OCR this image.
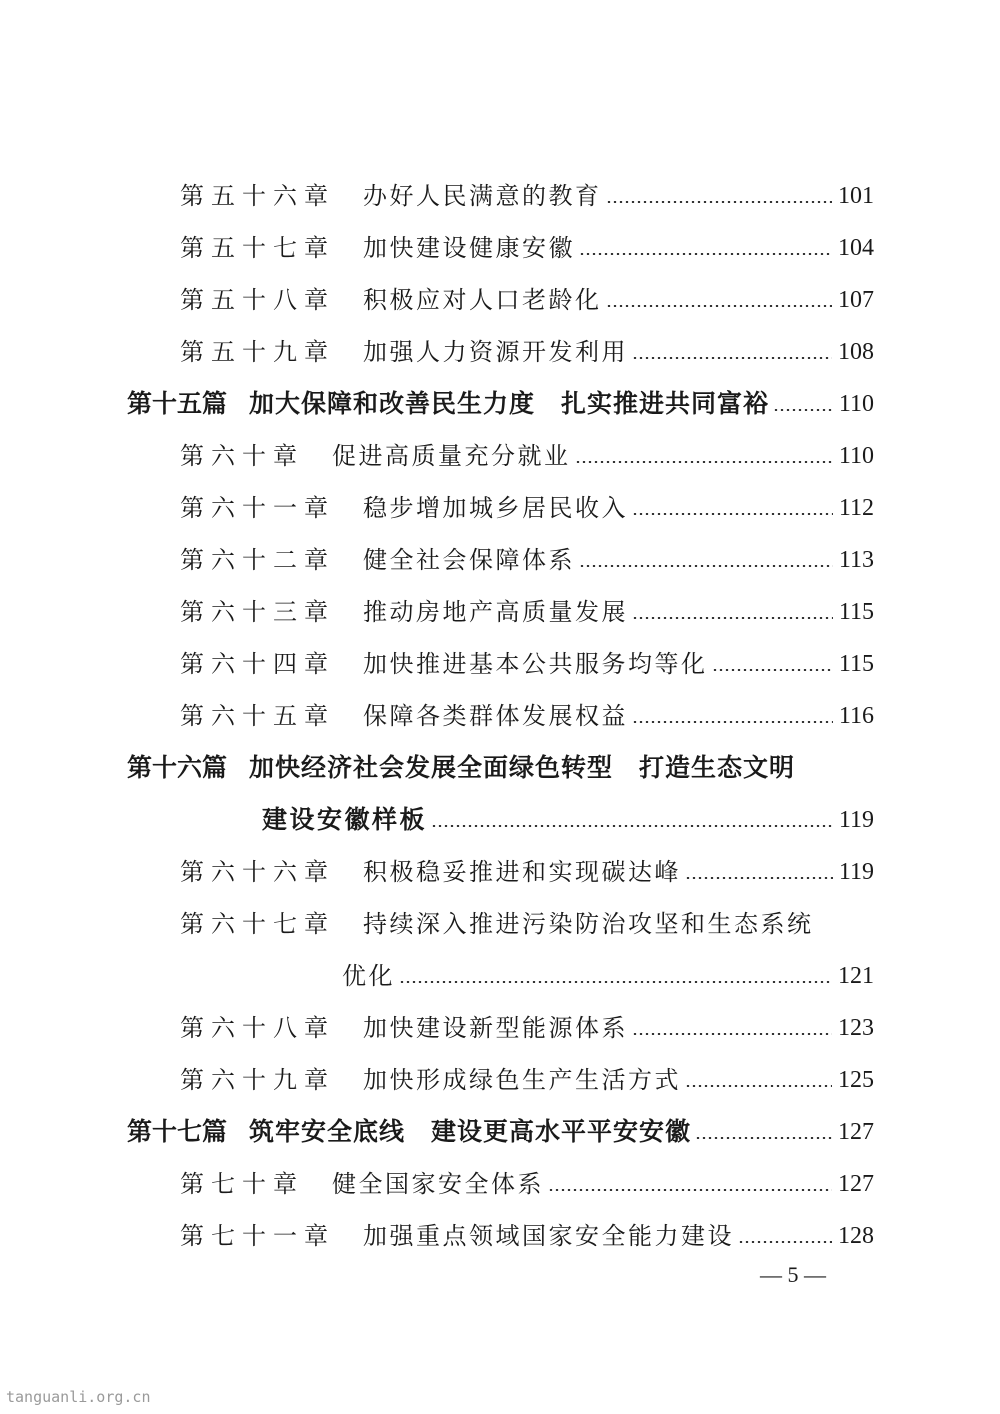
第五十六章 办好人民满意的教育	101
第五十七章 加快建设健康安徽	104
第五十八章 积极应对人口老龄化	107
第五十九章 加强人力资源开发利用	108
第十五篇 加大保障和改善民生力度　扎实推进共同富裕	110
第六十章 促进高质量充分就业	110
第六十一章 稳步增加城乡居民收入	112
第六十二章 健全社会保障体系	113
第六十三章 推动房地产高质量发展	115
第六十四章 加快推进基本公共服务均等化	115
第六十五章 保障各类群体发展权益	116
第十六篇 加快经济社会发展全面绿色转型　打造生态文明
建设安徽样板	119
第六十六章 积极稳妥推进和实现碳达峰	119
第六十七章 持续深入推进污染防治攻坚和生态系统
优化	121
第六十八章 加快建设新型能源体系	123
第六十九章 加快形成绿色生产生活方式	125
第十七篇 筑牢安全底线　建设更高水平平安安徽	127
第七十章 健全国家安全体系	127
第七十一章 加强重点领域国家安全能力建设	128
— 5 —
tanguanli.org.cn
